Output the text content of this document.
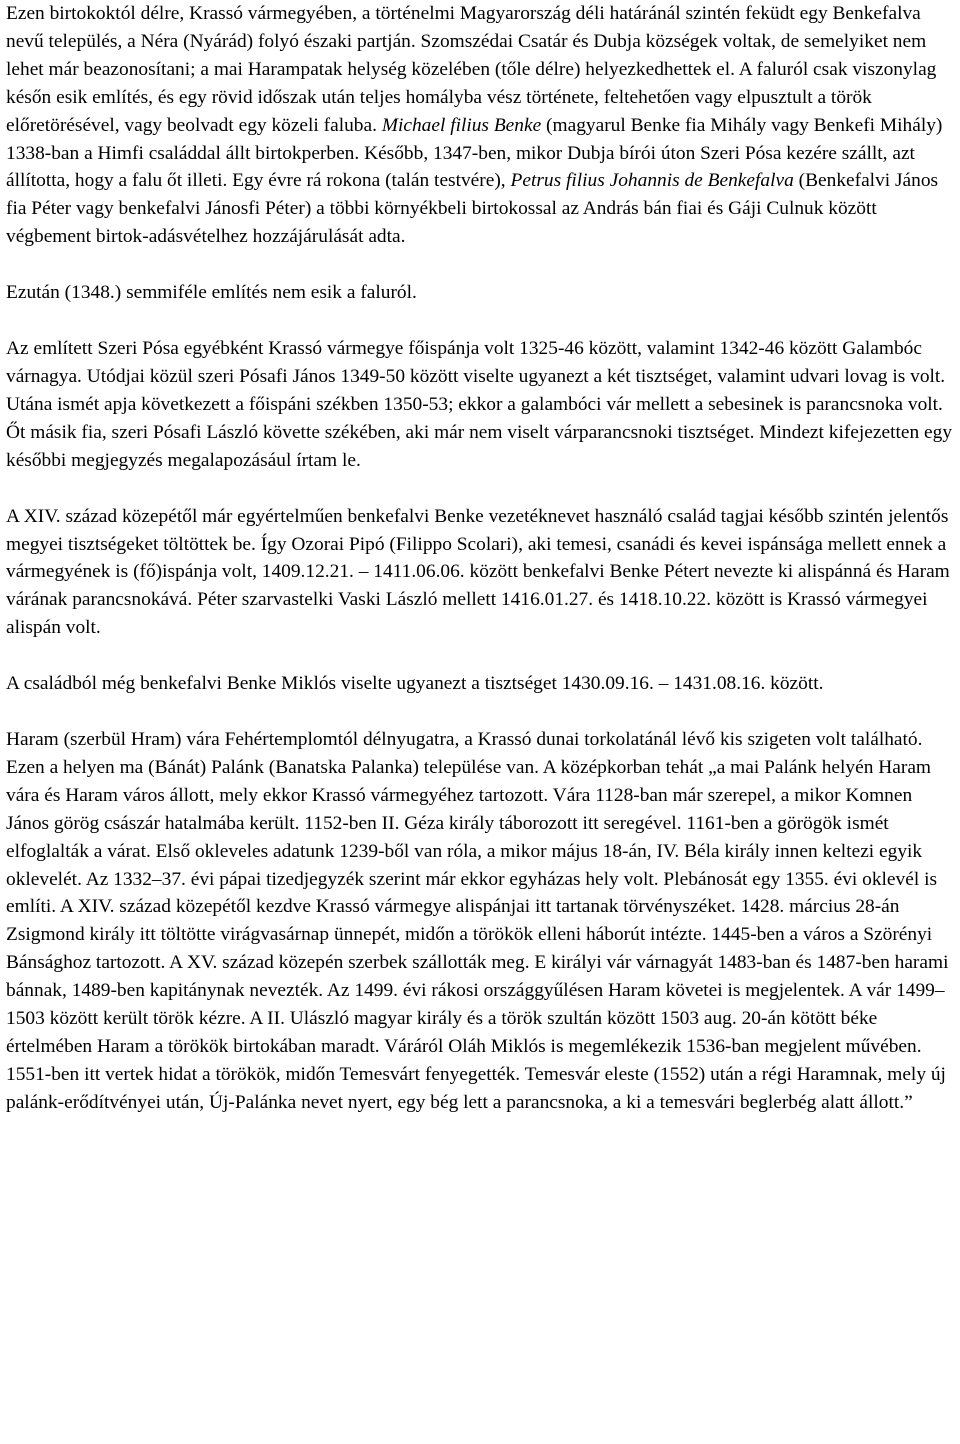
Ezen birtokoktól délre, Krassó vármegyében, a történelmi Magyarország déli határánál szintén feküdt egy Benkefalva nevű település, a Néra (Nyárád) folyó északi partján. Szomszédai Csatár és Dubja községek voltak, de semelyiket nem lehet már beazonosítani; a mai Harampatak helység közelében (tőle délre) helyezkedhettek el. A faluról csak viszonylag későn esik említés, és egy rövid időszak után teljes homályba vész története, feltehetően vagy elpusztult a török előretörésével, vagy beolvadt egy közeli faluba. Michael filius Benke (magyarul Benke fia Mihály vagy Benkefi Mihály) 1338-ban a Himfi családdal állt birtokperben. Később, 1347-ben, mikor Dubja bírói úton Szeri Pósa kezére szállt, azt állította, hogy a falu őt illeti. Egy évre rá rokona (talán testvére), Petrus filius Johannis de Benkefalva (Benkefalvi János fia Péter vagy benkefalvi Jánosfi Péter) a többi környékbeli birtokossal az András bán fiai és Gáji Culnuk között végbement birtok-adásvételhez hozzájárulását adta.

Ezután (1348.) semmiféle említés nem esik a faluról.

Az említett Szeri Pósa egyébként Krassó vármegye főispánja volt 1325-46 között, valamint 1342-46 között Galambóc várnagya. Utódjai közül szeri Pósafi János 1349-50 között viselte ugyanezt a két tisztséget, valamint udvari lovag is volt. Utána ismét apja következett a főispáni székben 1350-53; ekkor a galambóci vár mellett a sebesinek is parancsnoka volt. Őt másik fia, szeri Pósafi László követte székében, aki már nem viselt várparancsnoki tisztséget. Mindezt kifejezetten egy későbbi megjegyzés megalapozásául írtam le.

A XIV. század közepétől már egyértelműen benkefalvi Benke vezetéknevet használó család tagjai később szintén jelentős megyei tisztségeket töltöttek be. Így Ozorai Pipó (Filippo Scolari), aki temesi, csanádi és kevei ispánsága mellett ennek a vármegyének is (fő)ispánja volt, 1409.12.21. – 1411.06.06. között benkefalvi Benke Pétert nevezte ki alispánná és Haram várának parancsnokává. Péter szarvastelki Vaski László mellett 1416.01.27. és 1418.10.22. között is Krassó vármegyei alispán volt.

A családból még benkefalvi Benke Miklós viselte ugyanezt a tisztséget 1430.09.16. – 1431.08.16. között.

Haram (szerbül Hram) vára Fehértemplomtól délnyugatra, a Krassó dunai torkolatánál lévő kis szigeten volt található. Ezen a helyen ma (Bánát) Palánk (Banatska Palanka) települése van. A középkorban tehát „a mai Palánk helyén Haram vára és Haram város állott, mely ekkor Krassó vármegyéhez tartozott. Vára 1128-ban már szerepel, a mikor Komnen János görög császár hatalmába került. 1152-ben II. Géza király táborozott itt seregével. 1161-ben a görögök ismét elfoglalták a várat. Első okleveles adatunk 1239-ből van róla, a mikor május 18-án, IV. Béla király innen keltezi egyik oklevelét. Az 1332–37. évi pápai tizedjegyzék szerint már ekkor egyházas hely volt. Plebánosát egy 1355. évi oklevél is említi. A XIV. század közepétől kezdve Krassó vármegye alispánjai itt tartanak törvényszéket. 1428. március 28-án Zsigmond király itt töltötte virágvasárnap ünnepét, midőn a törökök elleni háborút intézte. 1445-ben a város a Szörényi Bánsághoz tartozott. A XV. század közepén szerbek szállották meg. E királyi vár várnagyát 1483-ban és 1487-ben harami bánnak, 1489-ben kapitánynak nevezték. Az 1499. évi rákosi országgyűlésen Haram követei is megjelentek. A vár 1499–1503 között került török kézre. A II. Ulászló magyar király és a török szultán között 1503 aug. 20-án kötött béke értelmében Haram a törökök birtokában maradt. Váráról Oláh Miklós is megemlékezik 1536-ban megjelent művében. 1551-ben itt vertek hidat a törökök, midőn Temesvárt fenyegették. Temesvár eleste (1552) után a régi Haramnak, mely új palánk-erődítvényei után, Új-Palánka nevet nyert, egy bég lett a parancsnoka, a ki a temesvári beglerbég alatt állott.”
